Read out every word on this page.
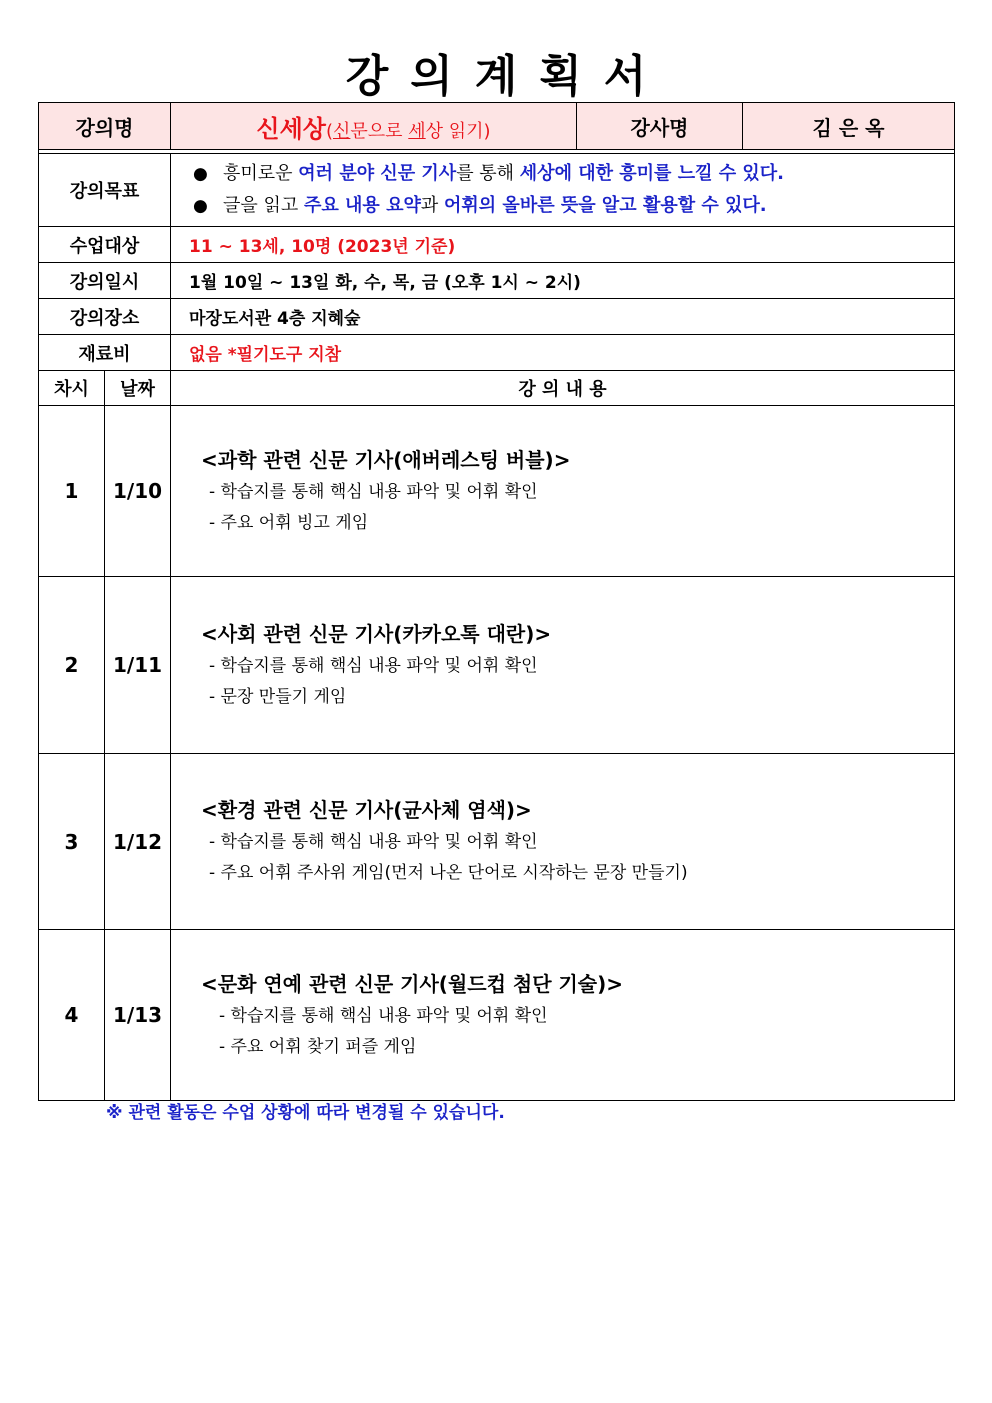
강의계획서
강의명		신세상(신문으로 세상 읽기)	강사명	김 은 옥

강의목표		● 흥미로운 여러 분야 신문 기사를 통해 세상에 대한 흥미를 느낄 수 있다.
● 글을 읽고 주요 내용 요약과 어휘의 올바른 뜻을 알고 활용할 수 있다.		

수업대상		11 ~ 13세, 10명 (2023년 기준)		
강의일시		1월 10일 ~ 13일 화, 수, 목, 금 (오후 1시 ~ 2시)		
강의장소		마장도서관 4층 지혜숲		
재료비		없음 *필기도구 지참		
차시	날짜	강 의 내 용		
1	1/10	<과학 관련 신문 기사(애버레스팅 버블)>
- 학습지를 통해 핵심 내용 파악 및 어휘 확인
- 주요 어휘 빙고 게임		

2	1/11	<사회 관련 신문 기사(카카오톡 대란)>
- 학습지를 통해 핵심 내용 파악 및 어휘 확인
- 문장 만들기 게임		

3	1/12	<환경 관련 신문 기사(균사체 염색)>
- 학습지를 통해 핵심 내용 파악 및 어휘 확인
- 주요 어휘 주사위 게임(먼저 나온 단어로 시작하는 문장 만들기)		

4	1/13	<문화 연예 관련 신문 기사(월드컵 첨단 기술)>
- 학습지를 통해 핵심 내용 파악 및 어휘 확인
- 주요 어휘 찾기 퍼즐 게임		
※ 관련 활동은 수업 상황에 따라 변경될 수 있습니다.
